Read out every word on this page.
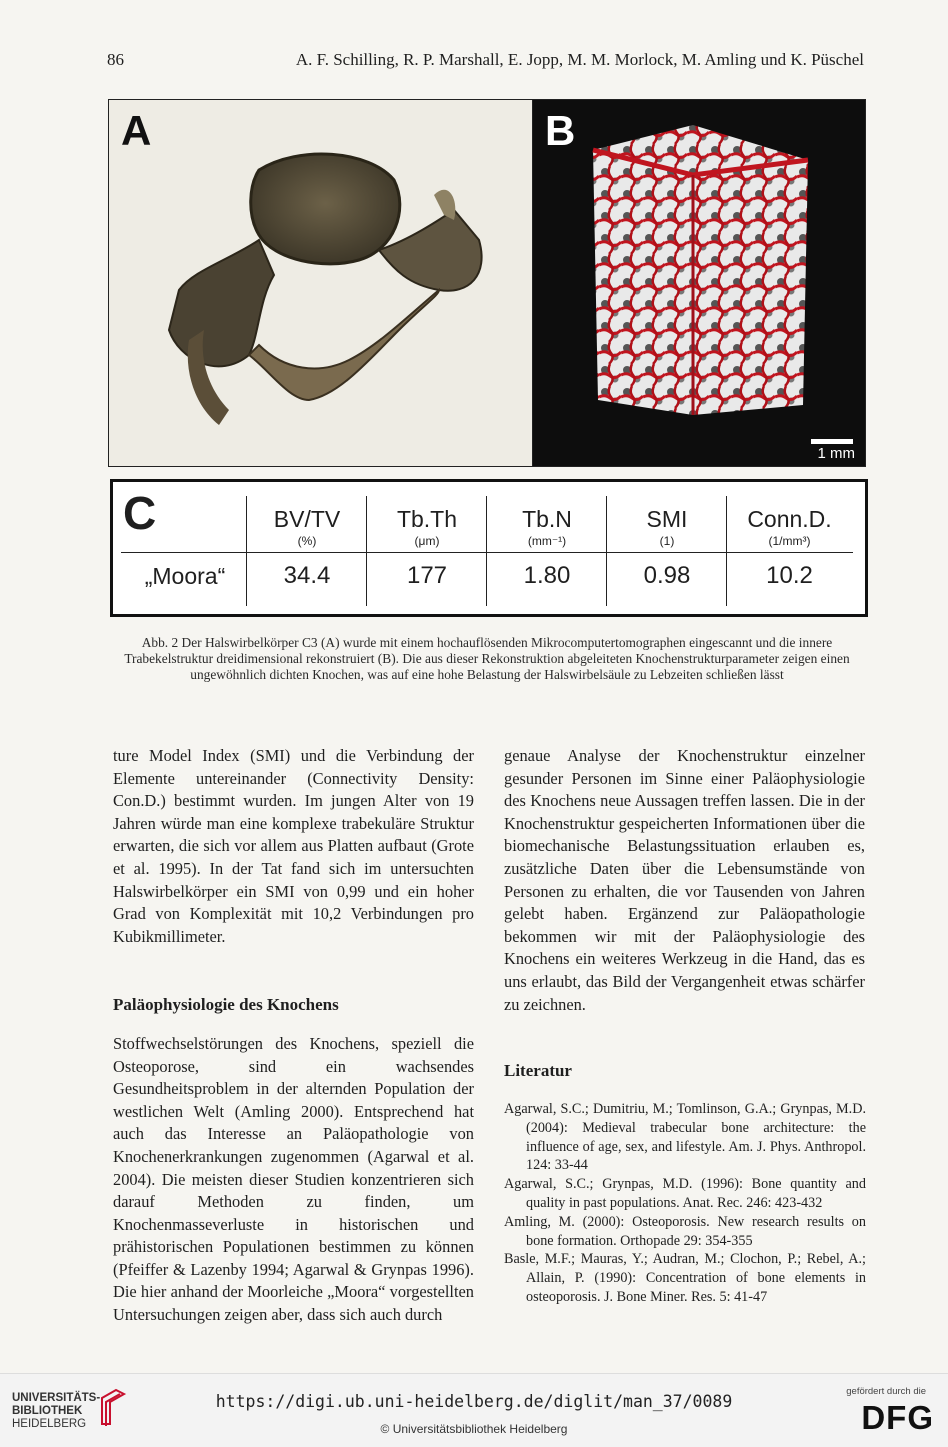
86	A. F. Schilling, R. P. Marshall, E. Jopp, M. M. Morlock, M. Amling und K. Püschel
A	B
1 mm
C
„Moora“
BV/TV
(%)
34.4
Tb.Th
(μm)
177
Tb.N
(mm⁻¹)
1.80
SMI
(1)
0.98
Conn.D.
(1/mm³)
10.2
Abb. 2 Der Halswirbelkörper C3 (A) wurde mit einem hochauflösenden Mikrocomputertomographen eingescannt und die innere Trabekelstruktur dreidimensional rekonstruiert (B). Die aus dieser Rekonstruktion abgeleiteten Knochenstrukturparameter zeigen einen ungewöhnlich dichten Knochen, was auf eine hohe Belastung der Halswirbelsäule zu Lebzeiten schließen lässt

ture Model Index (SMI) und die Verbindung der Elemente untereinander (Connectivity Density: Con.D.) bestimmt wurden. Im jungen Alter von 19 Jahren würde man eine komplexe trabekuläre Struktur erwarten, die sich vor allem aus Platten aufbaut (Grote et al. 1995). In der Tat fand sich im untersuchten Halswirbelkörper ein SMI von 0,99 und ein hoher Grad von Komplexität mit 10,2 Verbindungen pro Kubikmillimeter.

Paläophysiologie des Knochens

Stoffwechselstörungen des Knochens, speziell die Osteoporose, sind ein wachsendes Gesundheitsproblem in der alternden Population der westlichen Welt (Amling 2000). Entsprechend hat auch das Interesse an Paläopathologie von Knochenerkrankungen zugenommen (Agarwal et al. 2004). Die meisten dieser Studien konzentrieren sich darauf Methoden zu finden, um Knochenmasseverluste in historischen und prähistorischen Populationen bestimmen zu können (Pfeiffer & Lazenby 1994; Agarwal & Grynpas 1996). Die hier anhand der Moorleiche „Moora“ vorgestellten Untersuchungen zeigen aber, dass sich auch durch

genaue Analyse der Knochenstruktur einzelner gesunder Personen im Sinne einer Paläophysiologie des Knochens neue Aussagen treffen lassen. Die in der Knochenstruktur gespeicherten Informationen über die biomechanische Belastungssituation erlauben es, zusätzliche Daten über die Lebensumstände von Personen zu erhalten, die vor Tausenden von Jahren gelebt haben. Ergänzend zur Paläopathologie bekommen wir mit der Paläophysiologie des Knochens ein weiteres Werkzeug in die Hand, das es uns erlaubt, das Bild der Vergangenheit etwas schärfer zu zeichnen.

Literatur

Agarwal, S.C.; Dumitriu, M.; Tomlinson, G.A.; Grynpas, M.D. (2004): Medieval trabecular bone architecture: the influence of age, sex, and lifestyle. Am. J. Phys. Anthropol. 124: 33-44
Agarwal, S.C.; Grynpas, M.D. (1996): Bone quantity and quality in past populations. Anat. Rec. 246: 423-432
Amling, M. (2000): Osteoporosis. New research results on bone formation. Orthopade 29: 354-355
Basle, M.F.; Mauras, Y.; Audran, M.; Clochon, P.; Rebel, A.; Allain, P. (1990): Concentration of bone elements in osteoporosis. J. Bone Miner. Res. 5: 41-47
UNIVERSITÄTS-
BIBLIOTHEK
HEIDELBERG
https://digi.ub.uni-heidelberg.de/diglit/man_37/0089
© Universitätsbibliothek Heidelberg
gefördert durch die
DFG
